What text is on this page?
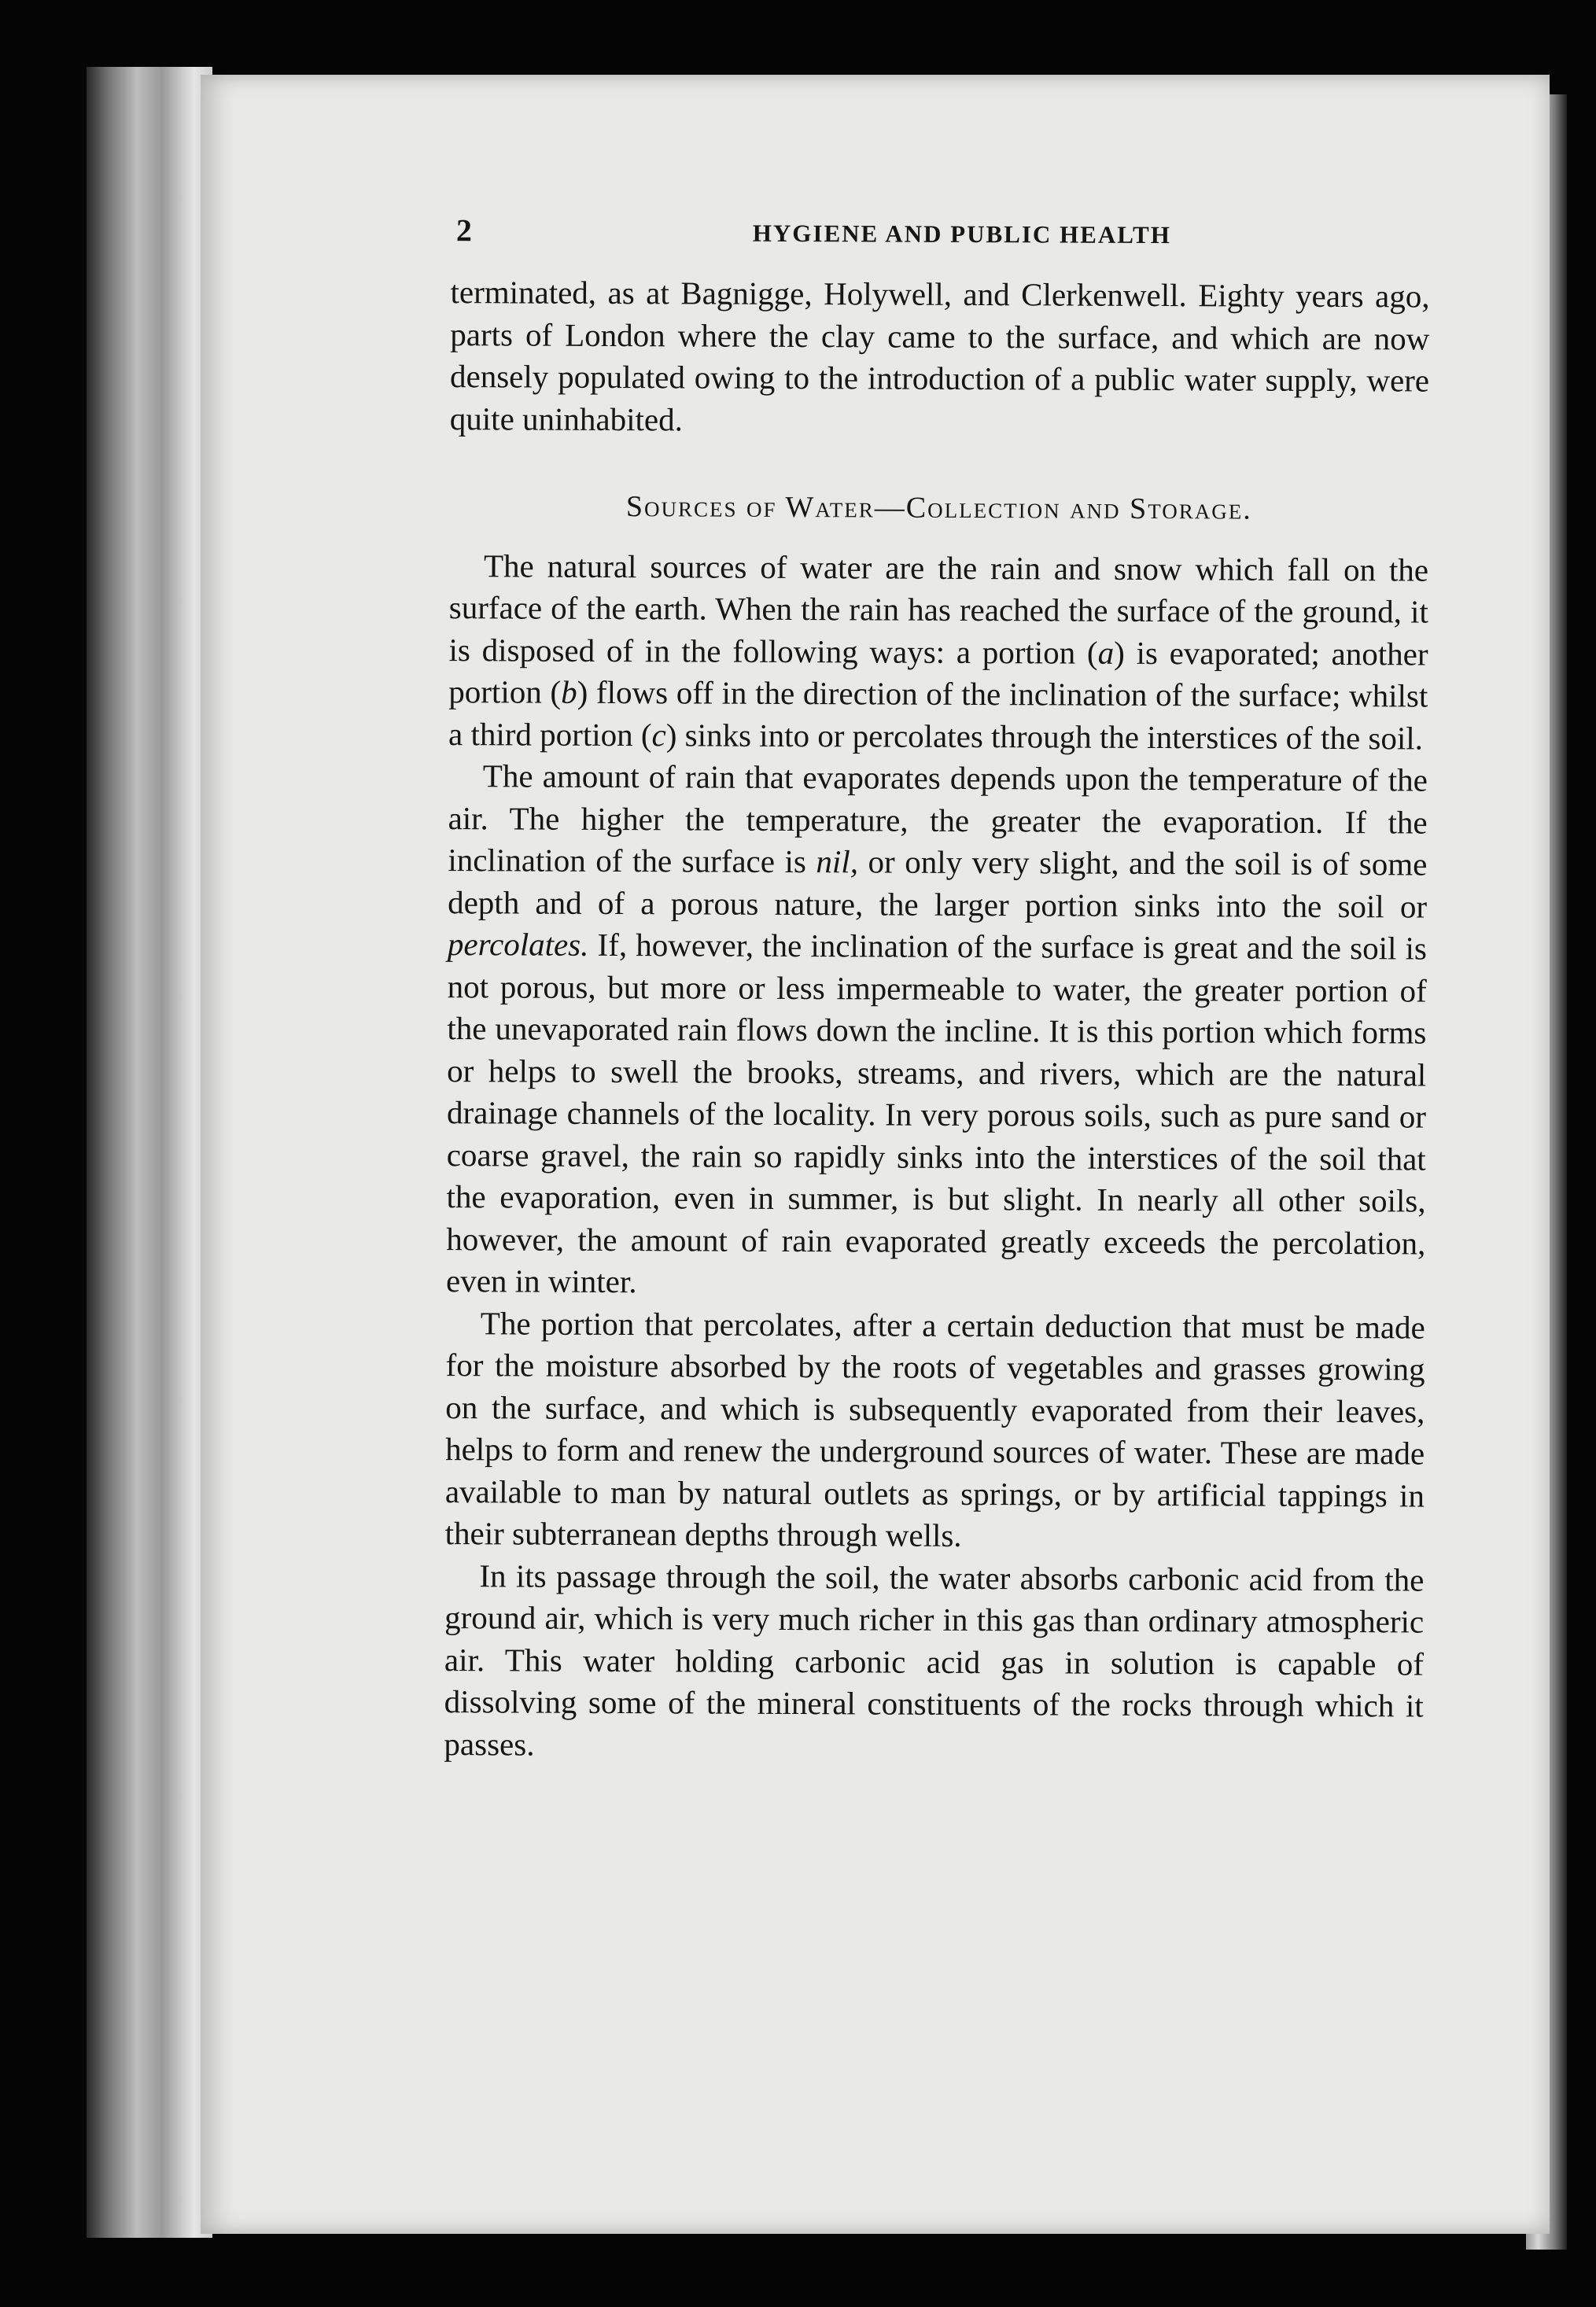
2	HYGIENE AND PUBLIC HEALTH

terminated, as at Bagnigge, Holywell, and Clerkenwell. Eighty years ago, parts of London where the clay came to the surface, and which are now densely populated owing to the introduction of a public water supply, were quite uninhabited.

Sources of Water—Collection and Storage.

The natural sources of water are the rain and snow which fall on the surface of the earth. When the rain has reached the surface of the ground, it is disposed of in the following ways: a portion (a) is evaporated; another portion (b) flows off in the direction of the inclination of the surface; whilst a third portion (c) sinks into or percolates through the interstices of the soil.

The amount of rain that evaporates depends upon the temperature of the air. The higher the temperature, the greater the evaporation. If the inclination of the surface is nil, or only very slight, and the soil is of some depth and of a porous nature, the larger portion sinks into the soil or percolates. If, however, the inclination of the surface is great and the soil is not porous, but more or less impermeable to water, the greater portion of the unevaporated rain flows down the incline. It is this portion which forms or helps to swell the brooks, streams, and rivers, which are the natural drainage channels of the locality. In very porous soils, such as pure sand or coarse gravel, the rain so rapidly sinks into the interstices of the soil that the evaporation, even in summer, is but slight. In nearly all other soils, however, the amount of rain evaporated greatly exceeds the percolation, even in winter.

The portion that percolates, after a certain deduction that must be made for the moisture absorbed by the roots of vegetables and grasses growing on the surface, and which is subsequently evaporated from their leaves, helps to form and renew the underground sources of water. These are made available to man by natural outlets as springs, or by artificial tappings in their subterranean depths through wells.

In its passage through the soil, the water absorbs carbonic acid from the ground air, which is very much richer in this gas than ordinary atmospheric air. This water holding carbonic acid gas in solution is capable of dissolving some of the mineral constituents of the rocks through which it passes.
